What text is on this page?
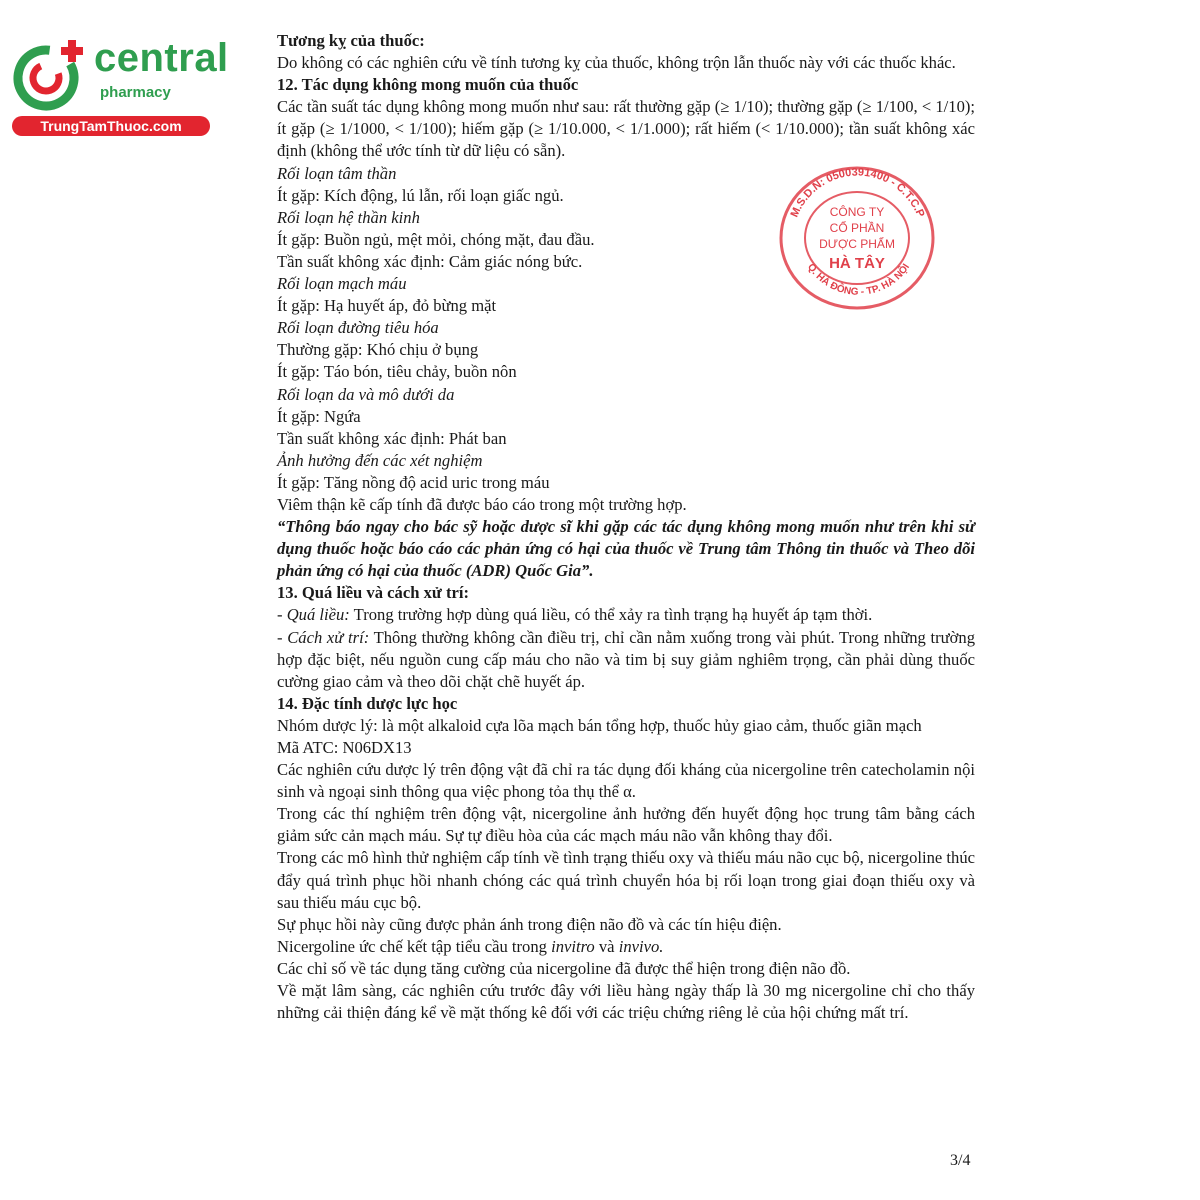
central
pharmacy
TrungTamThuoc.com
M.S.D.N: 0500391400 - C.T.C.P
Q. HÀ ĐÔNG - TP. HÀ NỘI
CÔNG TY
CỔ PHẦN
DƯỢC PHẨM
HÀ TÂY

Tương kỵ của thuốc:

Do không có các nghiên cứu về tính tương kỵ của thuốc, không trộn lẫn thuốc này với các thuốc khác.

12. Tác dụng không mong muốn của thuốc

Các tần suất tác dụng không mong muốn như sau: rất thường gặp (≥ 1/10); thường gặp (≥ 1/100, < 1/10); ít gặp (≥ 1/1000, < 1/100); hiếm gặp (≥ 1/10.000, < 1/1.000); rất hiếm (< 1/10.000); tần suất không xác định (không thể ước tính từ dữ liệu có sẵn).

Rối loạn tâm thần

Ít gặp: Kích động, lú lẫn, rối loạn giấc ngủ.

Rối loạn hệ thần kinh

Ít gặp: Buồn ngủ, mệt mỏi, chóng mặt, đau đầu.

Tần suất không xác định: Cảm giác nóng bức.

Rối loạn mạch máu

Ít gặp: Hạ huyết áp, đỏ bừng mặt

Rối loạn đường tiêu hóa

Thường gặp: Khó chịu ở bụng

Ít gặp: Táo bón, tiêu chảy, buồn nôn

Rối loạn da và mô dưới da

Ít gặp: Ngứa

Tần suất không xác định: Phát ban

Ảnh hưởng đến các xét nghiệm

Ít gặp: Tăng nồng độ acid uric trong máu

Viêm thận kẽ cấp tính đã được báo cáo trong một trường hợp.

“Thông báo ngay cho bác sỹ hoặc dược sĩ khi gặp các tác dụng không mong muốn như trên khi sử dụng thuốc hoặc báo cáo các phản ứng có hại của thuốc về Trung tâm Thông tin thuốc và Theo dõi phản ứng có hại của thuốc (ADR) Quốc Gia”.

13. Quá liều và cách xử trí:

- Quá liều: Trong trường hợp dùng quá liều, có thể xảy ra tình trạng hạ huyết áp tạm thời.

- Cách xử trí: Thông thường không cần điều trị, chỉ cần nằm xuống trong vài phút. Trong những trường hợp đặc biệt, nếu nguồn cung cấp máu cho não và tim bị suy giảm nghiêm trọng, cần phải dùng thuốc cường giao cảm và theo dõi chặt chẽ huyết áp.

14. Đặc tính dược lực học

Nhóm dược lý: là một alkaloid cựa lõa mạch bán tổng hợp, thuốc hủy giao cảm, thuốc giãn mạch

Mã ATC: N06DX13

Các nghiên cứu dược lý trên động vật đã chỉ ra tác dụng đối kháng của nicergoline trên catecholamin nội sinh và ngoại sinh thông qua việc phong tỏa thụ thể α.

Trong các thí nghiệm trên động vật, nicergoline ảnh hưởng đến huyết động học trung tâm bằng cách giảm sức cản mạch máu. Sự tự điều hòa của các mạch máu não vẫn không thay đổi.

Trong các mô hình thử nghiệm cấp tính về tình trạng thiếu oxy và thiếu máu não cục bộ, nicergoline thúc đẩy quá trình phục hồi nhanh chóng các quá trình chuyển hóa bị rối loạn trong giai đoạn thiếu oxy và sau thiếu máu cục bộ.

Sự phục hồi này cũng được phản ánh trong điện não đồ và các tín hiệu điện.

Nicergoline ức chế kết tập tiểu cầu trong invitro và invivo.

Các chỉ số về tác dụng tăng cường của nicergoline đã được thể hiện trong điện não đồ.

Về mặt lâm sàng, các nghiên cứu trước đây với liều hàng ngày thấp là 30 mg nicergoline chỉ cho thấy những cải thiện đáng kể về mặt thống kê đối với các triệu chứng riêng lẻ của hội chứng mất trí.

3/4
